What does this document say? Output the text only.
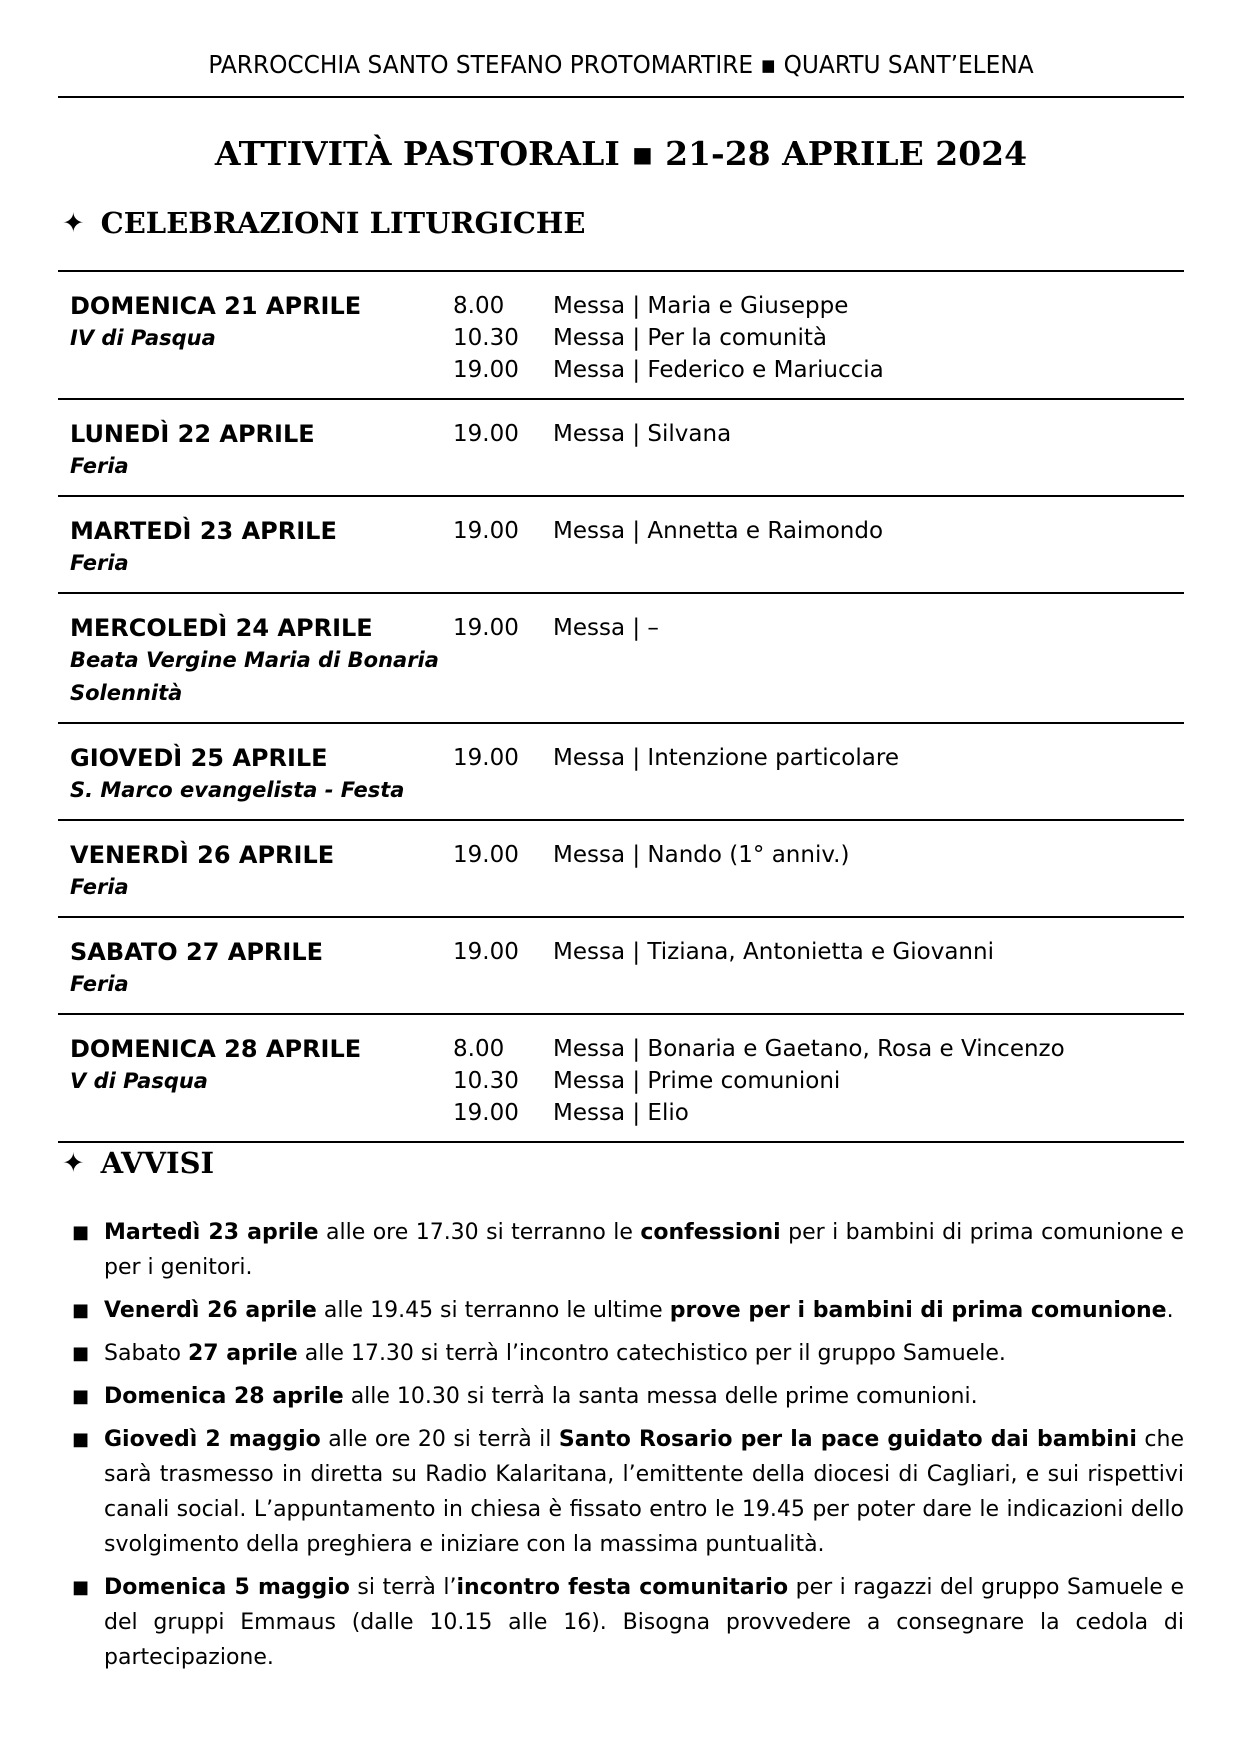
PARROCCHIA SANTO STEFANO PROTOMARTIRE ▪ QUARTU SANT’ELENA
ATTIVITÀ PASTORALI ▪ 21-28 APRILE 2024
✦ CELEBRAZIONI LITURGICHE
DOMENICA 21 APRILE
IV di Pasqua
8.00	Messa | Maria e Giuseppe
10.30	Messa | Per la comunità
19.00	Messa | Federico e Mariuccia
LUNEDÌ 22 APRILE
Feria
19.00	Messa | Silvana
MARTEDÌ 23 APRILE
Feria
19.00	Messa | Annetta e Raimondo
MERCOLEDÌ 24 APRILE
Beata Vergine Maria di Bonaria
Solennità
19.00	Messa | –
GIOVEDÌ 25 APRILE
S. Marco evangelista - Festa
19.00	Messa | Intenzione particolare
VENERDÌ 26 APRILE
Feria
19.00	Messa | Nando (1° anniv.)
SABATO 27 APRILE
Feria
19.00	Messa | Tiziana, Antonietta e Giovanni
DOMENICA 28 APRILE
V di Pasqua
8.00	Messa | Bonaria e Gaetano, Rosa e Vincenzo
10.30	Messa | Prime comunioni
19.00	Messa | Elio
✦ AVVISI
■ Martedì 23 aprile alle ore 17.30 si terranno le confessioni per i bambini di prima comunione e per i genitori.
■ Venerdì 26 aprile alle 19.45 si terranno le ultime prove per i bambini di prima comunione.
■ Sabato 27 aprile alle 17.30 si terrà l’incontro catechistico per il gruppo Samuele.
■ Domenica 28 aprile alle 10.30 si terrà la santa messa delle prime comunioni.
■ Giovedì 2 maggio alle ore 20 si terrà il Santo Rosario per la pace guidato dai bambini che sarà trasmesso in diretta su Radio Kalaritana, l’emittente della diocesi di Cagliari, e sui rispettivi canali social. L’appuntamento in chiesa è fissato entro le 19.45 per poter dare le indicazioni dello svolgimento della preghiera e iniziare con la massima puntualità.
■ Domenica 5 maggio si terrà l’incontro festa comunitario per i ragazzi del gruppo Samuele e del gruppi Emmaus (dalle 10.15 alle 16). Bisogna provvedere a consegnare la cedola di partecipazione.
